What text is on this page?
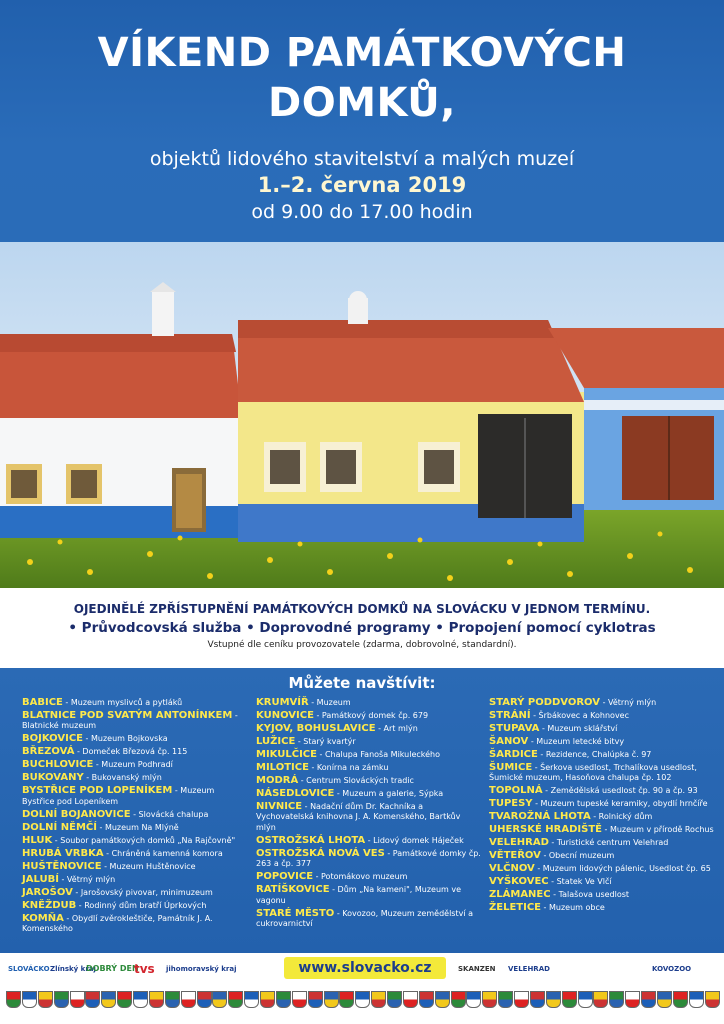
VÍKEND PAMÁTKOVÝCH
DOMKŮ,
objektů lidového stavitelství a malých muzeí
1.–2. června 2019
od 9.00 do 17.00 hodin
OJEDINĚLÉ ZPŘÍSTUPNĚNÍ PAMÁTKOVÝCH DOMKŮ NA SLOVÁCKU V JEDNOM TERMÍNU.
• Průvodcovská služba • Doprovodné programy • Propojení pomocí cyklotras
Vstupné dle ceníku provozovatele (zdarma, dobrovolné, standardní).
Můžete navštívit:
BABICE - Muzeum myslivců a pytláků
BLATNICE POD SVATÝM ANTONÍNKEM - Blatnické muzeum
BOJKOVICE - Muzeum Bojkovska
BŘEZOVÁ - Domeček Březová čp. 115
BUCHLOVICE - Muzeum Podhradí
BUKOVANY - Bukovanský mlýn
BYSTŘICE POD LOPENÍKEM - Muzeum Bystřice pod Lopeníkem
DOLNÍ BOJANOVICE - Slovácká chalupa
DOLNÍ NĚMČÍ - Muzeum Na Mlýně
HLUK - Soubor památkových domků „Na Rajčovně"
HRUBÁ VRBKA - Chráněná kamenná komora
HUŠTĚNOVICE - Muzeum Huštěnovice
JALUBÍ - Větrný mlýn
JAROŠOV - Jarošovský pivovar, minimuzeum
KNĚŽDUB - Rodinný dům bratří Úprkových
KOMŇA - Obydlí zvěrokleštiče, Památník J. A. Komenského
KRUMVÍŘ - Muzeum
KUNOVICE - Památkový domek čp. 679
KYJOV, BOHUSLAVICE - Art mlýn
LUŽICE - Starý kvartýr
MIKULČICE - Chalupa Fanoša Mikuleckého
MILOTICE - Konírna na zámku
MODRÁ - Centrum Slováckých tradic
NÁSEDLOVICE - Muzeum a galerie, Sýpka
NIVNICE - Nadační dům Dr. Kachníka a Vychovatelská knihovna J. A. Komenského, Bartkův mlýn
OSTROŽSKÁ LHOTA - Lidový domek Háječek
OSTROŽSKÁ NOVÁ VES - Památkové domky čp. 263 a čp. 377
POPOVICE - Potomákovo muzeum
RATÍŠKOVICE - Dům „Na kameni", Muzeum ve vagonu
STARÉ MĚSTO - Kovozoo, Muzeum zemědělství a cukrovarnictví
STARÝ PODDVOROV - Větrný mlýn
STRÁNÍ - Šrbákovec a Kohnovec
STUPAVA - Muzeum sklářství
ŠANOV - Muzeum letecké bitvy
ŠARDICE - Rezidence, Chalúpka č. 97
ŠUMICE - Šerkova usedlost, Trchalíkova usedlost, Šumické muzeum, Hasoňova chalupa čp. 102
TOPOLNÁ - Zemědělská usedlost čp. 90 a čp. 93
TUPESY - Muzeum tupeské keramiky, obydlí hrnčíře
TVAROŽNÁ LHOTA - Rolnický dům
UHERSKÉ HRADIŠTĚ - Muzeum v přírodě Rochus
VELEHRAD - Turistické centrum Velehrad
VĚTEŘOV - Obecní muzeum
VLČNOV - Muzeum lidových pálenic, Usedlost čp. 65
VYŠKOVEC - Statek Ve Vlčí
ZLÁMANEC - Talašova usedlost
ŽELETICE - Muzeum obce
SLOVÁCKO Zlínský kraj
DOBRÝ DEN
tvs jihomoravský kraj	www.slovacko.cz	SKANZEN VELEHRAD	KOVOZOO
